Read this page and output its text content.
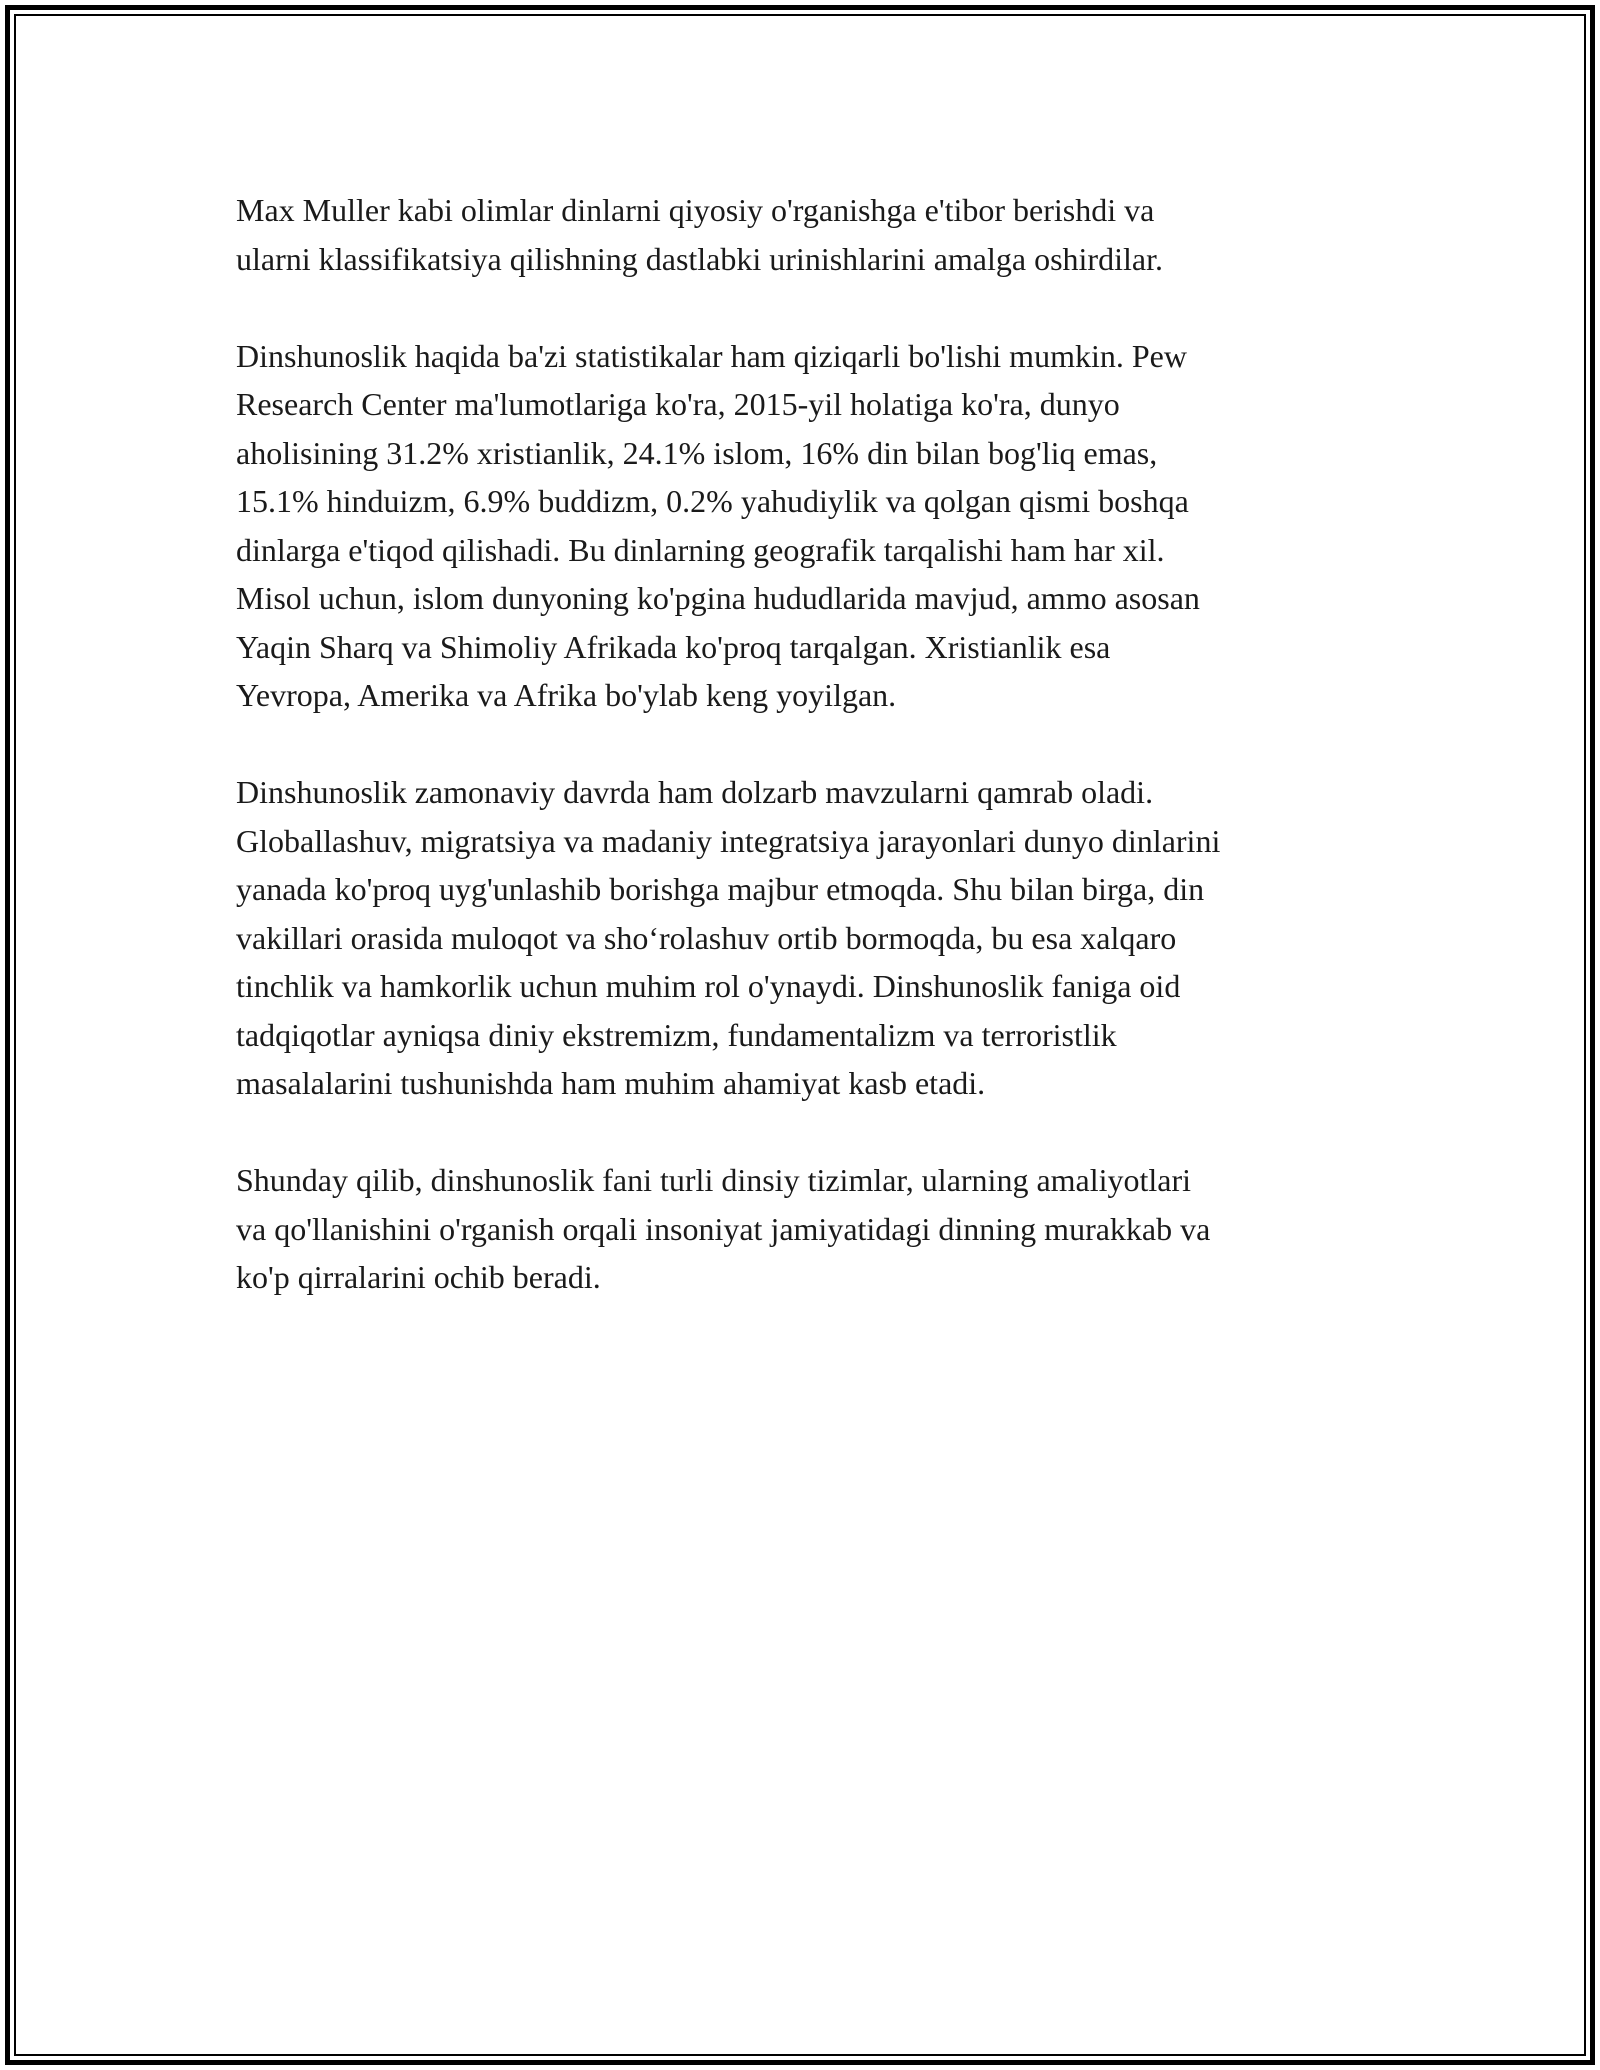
Max Muller kabi olimlar dinlarni qiyosiy o'rganishga e'tibor berishdi va
ularni klassifikatsiya qilishning dastlabki urinishlarini amalga oshirdilar.

Dinshunoslik haqida ba'zi statistikalar ham qiziqarli bo'lishi mumkin. Pew
Research Center ma'lumotlariga ko'ra, 2015-yil holatiga ko'ra, dunyo
aholisining 31.2% xristianlik, 24.1% islom, 16% din bilan bog'liq emas,
15.1% hinduizm, 6.9% buddizm, 0.2% yahudiylik va qolgan qismi boshqa
dinlarga e'tiqod qilishadi. Bu dinlarning geografik tarqalishi ham har xil.
Misol uchun, islom dunyoning ko'pgina hududlarida mavjud, ammo asosan
Yaqin Sharq va Shimoliy Afrikada ko'proq tarqalgan. Xristianlik esa
Yevropa, Amerika va Afrika bo'ylab keng yoyilgan.

Dinshunoslik zamonaviy davrda ham dolzarb mavzularni qamrab oladi.
Globallashuv, migratsiya va madaniy integratsiya jarayonlari dunyo dinlarini
yanada ko'proq uyg'unlashib borishga majbur etmoqda. Shu bilan birga, din
vakillari orasida muloqot va sho‘rolashuv ortib bormoqda, bu esa xalqaro
tinchlik va hamkorlik uchun muhim rol o'ynaydi. Dinshunoslik faniga oid
tadqiqotlar ayniqsa diniy ekstremizm, fundamentalizm va terroristlik
masalalarini tushunishda ham muhim ahamiyat kasb etadi.

Shunday qilib, dinshunoslik fani turli dinsiy tizimlar, ularning amaliyotlari
va qo'llanishini o'rganish orqali insoniyat jamiyatidagi dinning murakkab va
ko'p qirralarini ochib beradi.
